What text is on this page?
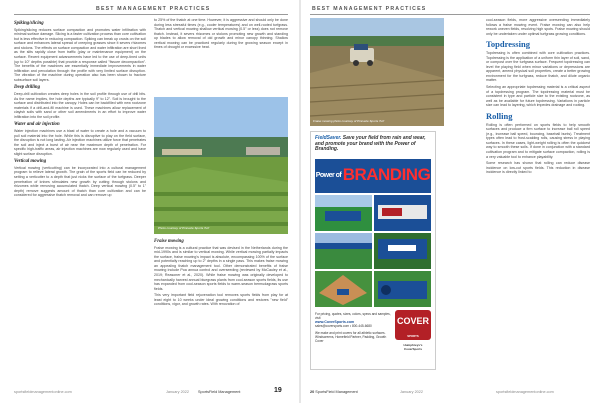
BEST MANAGEMENT PRACTICES
Spiking/slicing

Spiking/slicing reduces surface compaction and promotes water infiltration with minimal surface damage. Slicing is a faster cultivation process than core cultivation but is less effective in reducing compaction. Spiking can break up crusts on the soil surface and enhances lateral spread of creeping grasses since it severs rhizomes and stolons. The effects on surface compaction and water infiltration are short lived as the slits rapidly close from traffic (play or maintenance equipment) on the surface. Recent equipment advancements have led to the use of deep-tined units (up to 10" depths possible) that provide a response called "fissure decompaction". The benefits of the machines are essentially immediate improvements in water infiltration and percolation through the profile with very limited surface disruption. The vibration of the machine during operation also has been shown to fracture subsurface soil layers.

Deep drilling

Deep-drill cultivation creates deep holes in the soil profile through use of drill bits. As the name implies, the hole depths are typically 9" to 12". Soil is brought to the surface and distributed into the canopy. Holes can be backfilled with new rootzone materials if a drill-and-fill machine is used. These machines allow replacement of clayish soils with sand or other soil amendments in an effort to improve water infiltration into the soil profile.

Water and air injection

Water injection machines use a blast of water to create a hole and a vacuum to pull soil material into the hole. While this is disruptive to play on the field surface, the disruption is not long lasting. Air injection machines utilize force that penetrates the soil and inject a burst of air near the maximum depth of penetration. For specific high-traffic areas, air injection machines are now regularly used and have slight surface disruption.

Vertical mowing

Vertical mowing (verticutting) can be incorporated into a cultural management program to relieve lateral growth. The grain of the sports field can be reduced by setting a verticutter to a depth that just nicks the surface of the turfgrass. Deeper penetration of knives stimulates new growth by cutting through stolons and rhizomes while removing accumulated thatch. Deep vertical mowing (0.5" to 1" depth) remove suggests amount of thatch than core cultivation and can be considered for aggressive thatch removal and can remove up

to 25% of the thatch at one time. However, it is aggressive and should only be done during less stressful times (e.g., cooler temperatures) and on well-rooted turfgrass. Thatch and vertical mowing shallow vertical mowing (0.5" or less) does not remove thatch. Instead, it severs rhizomes or stolons promoting new growth and standing up blades to allow removal of old growth and minor canopy thinning. Shallow vertical mowing can be practiced regularly during the growing season except in times of drought or excessive heat.

Photo courtesy of Pinnacle Sports Turf
Fraise mowing

Fraise mowing is a cultural practice that was devised in the Netherlands during the mid-1990s and is similar to vertical mowing. While vertical mowing partially impacts the surface, fraise mowing's impact is absolute, encompassing 100% of the surface and potentially reaching up to 2" depths in a single pass. This makes fraise mowing an appealing thatch management tool. Other demonstrated benefits of fraise mowing include Poa annua control and overseeding (reviewed by McCauley et al., 2019; Reasoner et al., 2020). While fraise mowing was originally developed to mechanically harvest annual bluegrass plants from cool-season sports fields, its use has expanded from cool-season sports fields to warm-season bermudagrass sports fields.

This very important field rejuvenation tool removes sports fields from play for at least eight to 10 weeks under ideal growing conditions and restores "new field" conditions, vigor, and growth rates. With renovation of

sportsfieldmanagementonline.com	January 2022 SportsField Management	19
BEST MANAGEMENT PRACTICES
Fraise mowing photo courtesy of Pinnacle Sports Turf

cool-season fields, more aggressive overseeding immediately follows a fraise mowing event. Fraise mowing can also help rework uneven fields, resolving high spots. Fraise mowing should only be undertaken under optimal turfgrass growing conditions.

Topdressing

Topdressing is often combined with core cultivation practices. Topdressing is the application of a uniform thin layer of soil, sand, or compost over the turfgrass surface. Frequent topdressing can level the playing field when minor variations or depressions are apparent, amend physical soil properties, create a better growing environment for the turfgrass, reduce thatch, and dilute organic matter.

Selecting an appropriate topdressing material is a critical aspect of a topdressing program. The topdressing material must be consistent in type and particle size to the existing rootzone, as well as be available for future topdressing. Variations in particle size can lead to layering, which impedes drainage and rooting.

Rolling

Rolling is often performed on sports fields to help smooth surfaces and produce a firm surface to increase ball roll speed (e.g., increase ball speed, bouncing, baseball bunts). Treatment types often lead to frost-scalding rolls, causing stress in playing surfaces. In these cases, light-weight rolling is often the quickest way to smooth these soils. If done in conjunction with a standard cultivation program and to mitigate surface compaction, rolling is a very valuable tool to enhance playability.

Some research has shown that rolling can reduce disease incidence on low-cut sports fields. This reduction in disease incidence is directly linked to

20 SportsField Management	January 2022	sportsfieldmanagementonline.com
FieldSaver. Save your field from rain and wear, and promote your brand with the Power of Branding.
Power of BRANDING
For pricing, quotes, sizes, colors, specs and samples, visit
www.CoverSports.com
sales@coversports.com • 800-445-6680
We make and print covers for all athletic surfaces.
Windscreens, Homefield Partner, Padding, Growth Cover
COVER
SPORTS
Humphreys's CoverSports
